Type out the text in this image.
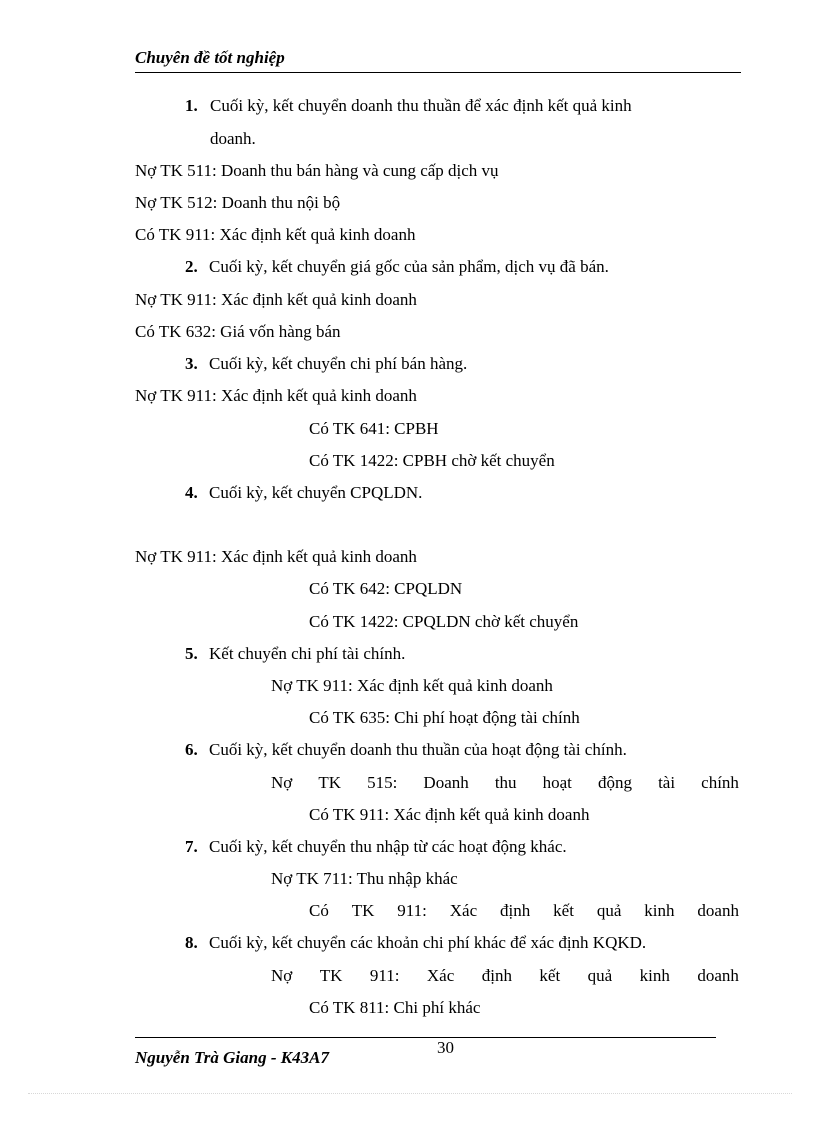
Chuyên đề tốt nghiệp
1. Cuối kỳ, kết chuyển doanh thu thuần để xác định kết quả kinh
doanh.
Nợ TK 511: Doanh thu bán hàng và cung cấp dịch vụ
Nợ TK 512: Doanh thu nội bộ
Có TK 911: Xác định kết quả kinh doanh
2. Cuối kỳ, kết chuyển giá gốc của sản phẩm, dịch vụ đã bán.
Nợ TK 911: Xác định kết quả kinh doanh
Có TK 632: Giá vốn hàng bán
3. Cuối kỳ, kết chuyển chi phí bán hàng.
Nợ TK 911: Xác định kết quả kinh doanh
Có TK 641: CPBH
Có TK 1422: CPBH chờ kết chuyển
4. Cuối kỳ, kết chuyển CPQLDN.
Nợ TK 911: Xác định kết quả kinh doanh
Có TK 642: CPQLDN
Có TK 1422: CPQLDN chờ kết chuyển
5. Kết chuyển chi phí tài chính.
Nợ TK 911: Xác định kết quả kinh doanh
Có TK 635: Chi phí hoạt động tài chính
6. Cuối kỳ, kết chuyển doanh thu thuần của hoạt động tài chính.
Nợ TK 515: Doanh thu hoạt động tài chính
Có TK 911: Xác định kết quả kinh doanh
7. Cuối kỳ, kết chuyển thu nhập từ các hoạt động khác.
Nợ TK 711: Thu nhập khác
Có TK 911: Xác định kết quả kinh doanh
8. Cuối kỳ, kết chuyển các khoản chi phí khác để xác định KQKD.
Nợ TK 911: Xác định kết quả kinh doanh
Có TK 811: Chi phí khác
30
Nguyễn Trà Giang - K43A7
